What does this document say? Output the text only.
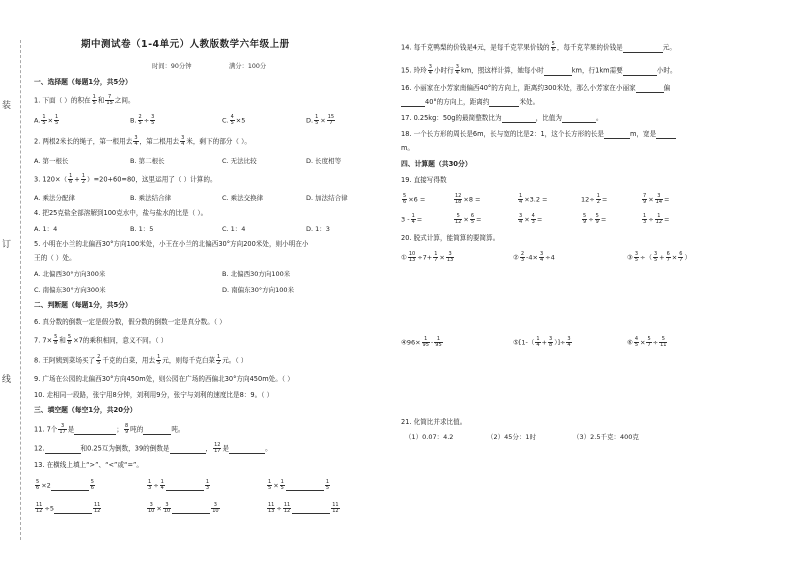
装
订
线
期中测试卷（1-4单元）人教版数学六年级上册
时间：90分钟	满分：100分
一、选择题（每题1分，共5分）
1. 下面（ ）的积在 $\frac{1}{5}$ 和 $\frac{7}{15}$ 之间。
A. $\frac{1}{5} \times \frac{1}{5}$	B. $\frac{2}{5} \div \frac{3}{5}$	C. $\frac{4}{5} \times 5$	D. $\frac{1}{5} \times \frac{15}{7}$
2. 两根2米长的绳子，第一根用去 $\frac{3}{4}$ ，第二根用去 $\frac{3}{4}$ 米，剩下的部分（ ）。
A. 第一根长	B. 第二根长	C. 无法比较	D. 长度相等
3. $120\times( \frac{1}{6} + \frac{1}{2} )=20+60=80$，这里运用了（ ）计算的。
A. 乘法分配律	B. 乘法结合律	C. 乘法交换律	D. 加法结合律
4. 把25克盐全部溶解到100克水中，盐与盐水的比是（ ）。
A. 1：4	B. 1：5	C. 1：4	D. 1：3
5. 小明在小兰的北偏西30°方向100米处，小王在小兰的北偏西30°方向200米处，则小明在小
王的（ ）处。
A. 北偏西30°方向300米	B. 北偏西30方向100米
C. 南偏东30°方向300米	D. 南偏东30°方向100米
二、判断题（每题1分，共5分）
6. 真分数的倒数一定是假分数，假分数的倒数一定是真分数。（ ）
7. $7\times \frac{5}{8}$ 和 $\frac{5}{8} \times 7$的乘积相同，意义不同。（ ）
8. 王阿姨到菜场买了 $\frac{2}{5}$ 千克的白菜，用去 $\frac{1}{5}$ 元，则每千克白菜 $\frac{1}{2}$ 元。（ ）
9. 广场在公园的北偏西30°方向450m处，则公园在广场的西偏北30°方向450m处。（ ）
10. 走相同一段路，张宁用8分钟，刘利用9分，张宁与刘利的速度比是8：9。（ ）
三、填空题（每空1分，共20分）
11. 7个 $\frac{3}{17}$ 是	； $\frac{8}{9}$ 吨的	吨。
12.	和0.25互为倒数，39的倒数是	， $\frac{12}{17}$ 是	。
13. 在横线上填上“>”、“<”或“=”。
$\frac{5}{6} \times 2$	$\frac{5}{6}$	$\frac{1}{3} \div \frac{1}{4}$	$\frac{1}{3}$	$\frac{1}{5} \times \frac{1}{5}$	$\frac{1}{5}$
$\frac{11}{12} \div 5$	$\frac{11}{12}$	$\frac{3}{10} \times \frac{3}{10}$	$\frac{3}{10}$	$\frac{11}{13} \div \frac{11}{12}$	$\frac{11}{12}$
14. 每千克鸭梨的价钱是4元，是每千克苹果价钱的 $\frac{5}{6}$ ，每千克苹果的价钱是	元。
15. 玲玲 $\frac{3}{4}$ 小时行 $\frac{3}{4}$ km，照这样计算，她每小时	km，行1km需要	小时。
16. 小丽家在小芳家南偏西40°的方向上，距离约300米处，那么小芳家在小丽家	偏
40°的方向上，距离约	米处。
17. 0.25kg：50g的最简整数比为	，比值为	。
18. 一个长方形的周长是6m，长与宽的比是2：1，这个长方形的长是	m，宽是
m。
四、计算题（共30分）
19. 直接写得数
$\frac{5}{6} \times 6$ =	$\frac{12}{18} \times 8$ =	$\frac{1}{4} \times 3.2$ =	$12\div \frac{1}{2}$ =	$\frac{7}{9} \times \frac{3}{14}$ =
$3 - \frac{1}{4}$ =	$\frac{5}{12} \times \frac{6}{5}$ =	$\frac{3}{4} \times \frac{4}{3}$ =	$\frac{5}{9} \div \frac{5}{9}$ =	$\frac{1}{3} \div \frac{1}{12}$ =
20. 脱式计算，能简算的要简算。
① $\frac{10}{13} \div 7+ \frac{1}{7} \times \frac{3}{13}$	② $\frac{2}{3} -4\times \frac{3}{4} \div 4$	③ $\frac{3}{5}$ ÷（ $\frac{3}{5} + \frac{6}{7} \times \frac{6}{7}$ ）
④96× $\frac{1}{95} - \frac{1}{95}$	⑤[1-（ $\frac{1}{4} + \frac{3}{8}$ ）]÷ $\frac{3}{4}$	⑥ $\frac{4}{5} \times \frac{5}{7} \div \frac{5}{11}$
21. 化简比并求比值。
（1）0.07：4.2	（2）45分：1时	（3）2.5千克：400克
